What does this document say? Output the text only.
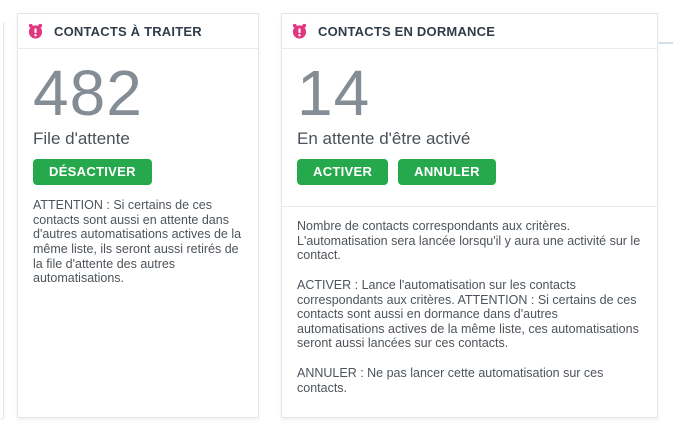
CONTACTS À TRAITER
482
File d'attente
DÉSACTIVER

ATTENTION : Si certains de ces contacts sont aussi en attente dans d'autres automatisations actives de la même liste, ils seront aussi retirés de la file d'attente des autres automatisations.

CONTACTS EN DORMANCE
14
En attente d'être activé
ACTIVER	ANNULER

Nombre de contacts correspondants aux critères. L'automatisation sera lancée lorsqu'il y aura une activité sur le contact.

ACTIVER : Lance l'automatisation sur les contacts correspondants aux critères. ATTENTION : Si certains de ces contacts sont aussi en dormance dans d'autres automatisations actives de la même liste, ces automatisations seront aussi lancées sur ces contacts.

ANNULER : Ne pas lancer cette automatisation sur ces contacts.
